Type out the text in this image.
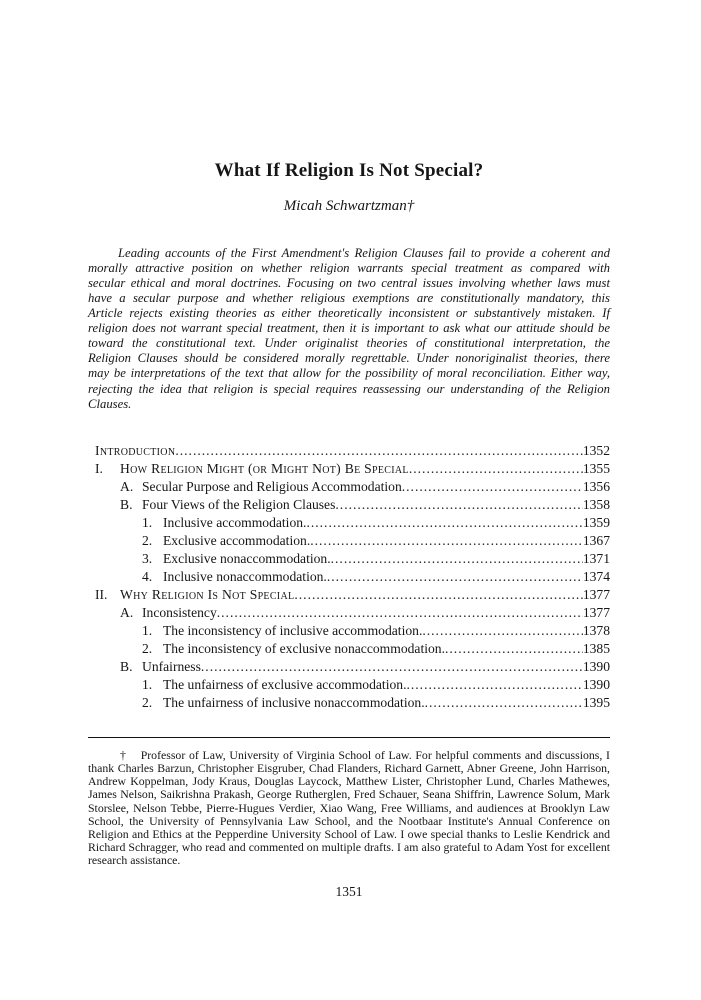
What If Religion Is Not Special?
Micah Schwartzman†

Leading accounts of the First Amendment's Religion Clauses fail to provide a coherent and morally attractive position on whether religion warrants special treatment as compared with secular ethical and moral doctrines. Focusing on two central issues involving whether laws must have a secular purpose and whether religious exemptions are constitutionally mandatory, this Article rejects existing theories as either theoretically inconsistent or substantively mistaken. If religion does not warrant special treatment, then it is important to ask what our attitude should be toward the constitutional text. Under originalist theories of constitutional interpretation, the Religion Clauses should be considered morally regrettable. Under nonoriginalist theories, there may be interpretations of the text that allow for the possibility of moral reconciliation. Either way, rejecting the idea that religion is special requires reassessing our understanding of the Religion Clauses.

Introduction .....	1352
I.	How Religion Might (or Might Not) Be Special .....	1355
A. Secular Purpose and Religious Accommodation .....	1356
B. Four Views of the Religion Clauses .....	1358
1. Inclusive accommodation. .....	1359
2. Exclusive accommodation. .....	1367
3. Exclusive nonaccommodation. .....	1371
4. Inclusive nonaccommodation. .....	1374
II. Why Religion Is Not Special .....	1377
A. Inconsistency .....	1377
1. The inconsistency of inclusive accommodation. .....	1378
2. The inconsistency of exclusive nonaccommodation. .....	1385
B. Unfairness .....	1390
1. The unfairness of exclusive accommodation. .....	1390
2. The unfairness of inclusive nonaccommodation. .....	1395

† Professor of Law, University of Virginia School of Law. For helpful comments and discussions, I thank Charles Barzun, Christopher Eisgruber, Chad Flanders, Richard Garnett, Abner Greene, John Harrison, Andrew Koppelman, Jody Kraus, Douglas Laycock, Matthew Lister, Christopher Lund, Charles Mathewes, James Nelson, Saikrishna Prakash, George Rutherglen, Fred Schauer, Seana Shiffrin, Lawrence Solum, Mark Storslee, Nelson Tebbe, Pierre-Hugues Verdier, Xiao Wang, Free Williams, and audiences at Brooklyn Law School, the University of Pennsylvania Law School, and the Nootbaar Institute's Annual Conference on Religion and Ethics at the Pepperdine University School of Law. I owe special thanks to Leslie Kendrick and Richard Schragger, who read and commented on multiple drafts. I am also grateful to Adam Yost for excellent research assistance.

1351
